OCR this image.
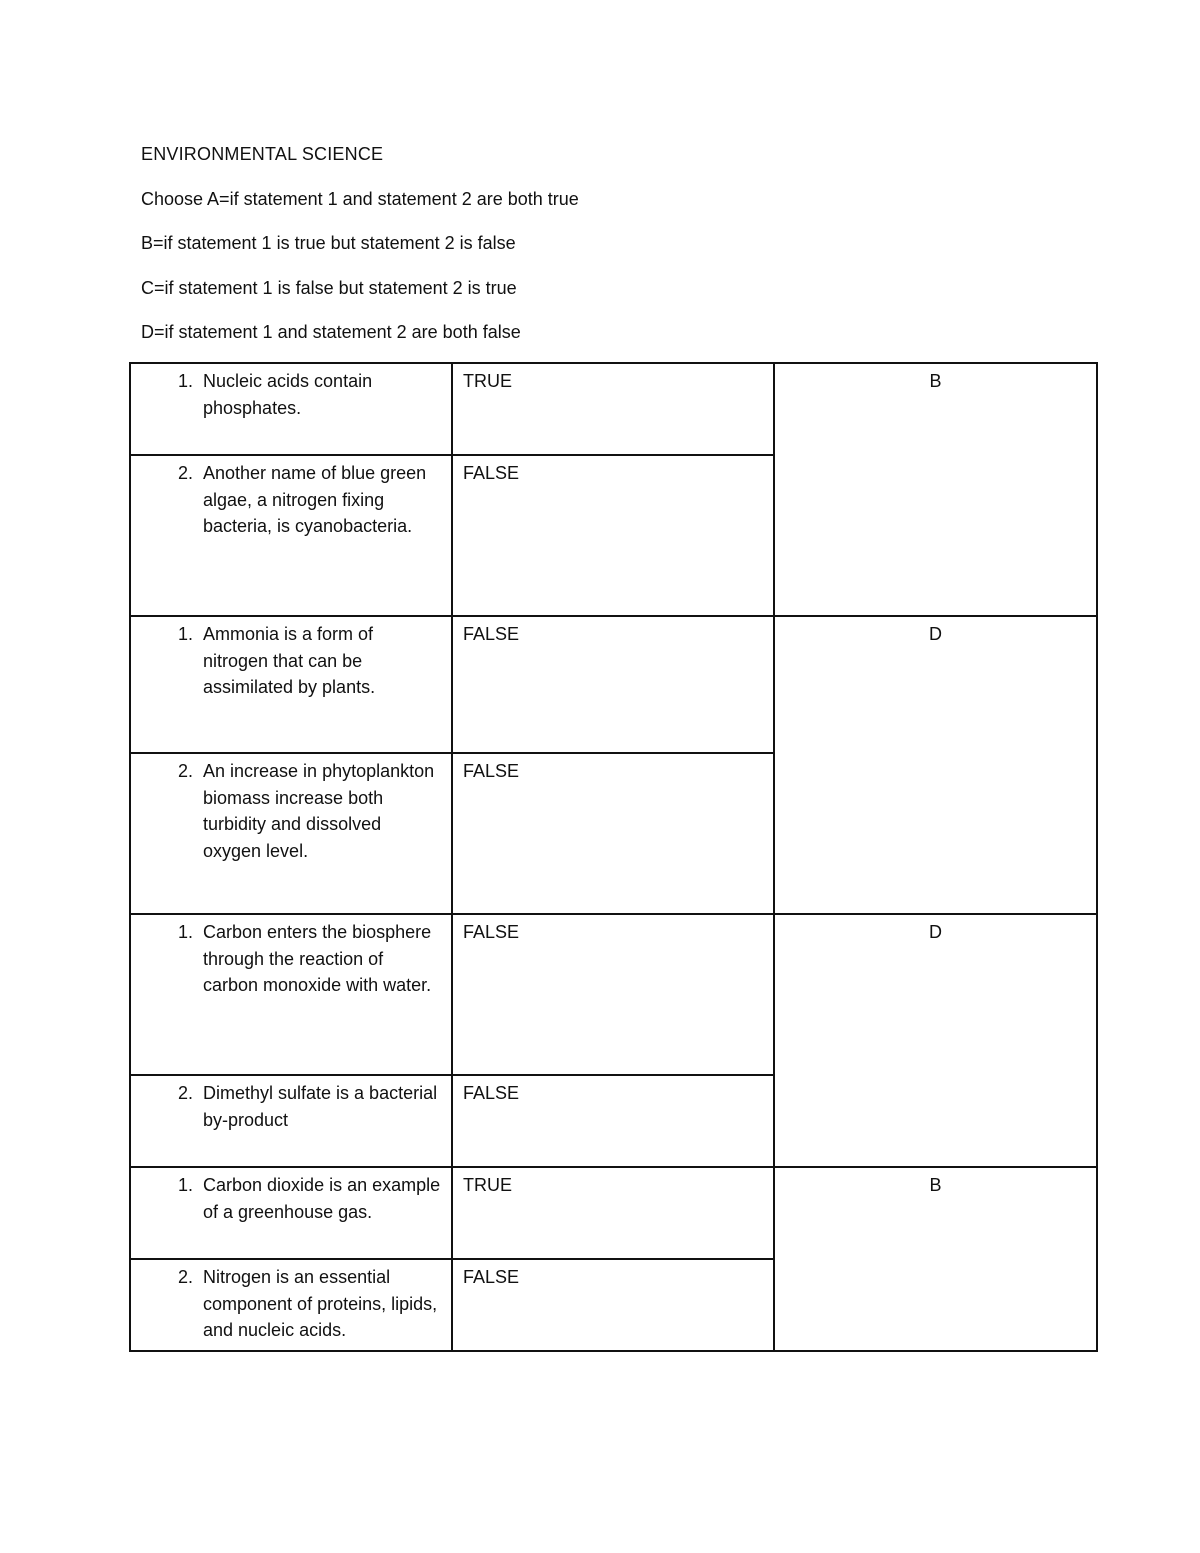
ENVIRONMENTAL SCIENCE
Choose A=if statement 1 and statement 2 are both true
B=if statement 1 is true but statement 2 is false
C=if statement 1 is false but statement 2 is true
D=if statement 1 and statement 2 are both false
1. Nucleic acids contain phosphates.	TRUE	B

2. Another name of blue green algae, a nitrogen fixing bacteria, is cyanobacteria.	FALSE	

1. Ammonia is a form of nitrogen that can be assimilated by plants.	FALSE	D

2. An increase in phytoplankton biomass increase both turbidity and dissolved oxygen level.	FALSE	

1. Carbon enters the biosphere through the reaction of carbon monoxide with water.	FALSE	D

2. Dimethyl sulfate is a bacterial by-product	FALSE	

1. Carbon dioxide is an example of a greenhouse gas.	TRUE	B

2. Nitrogen is an essential component of proteins, lipids, and nucleic acids.	FALSE	
